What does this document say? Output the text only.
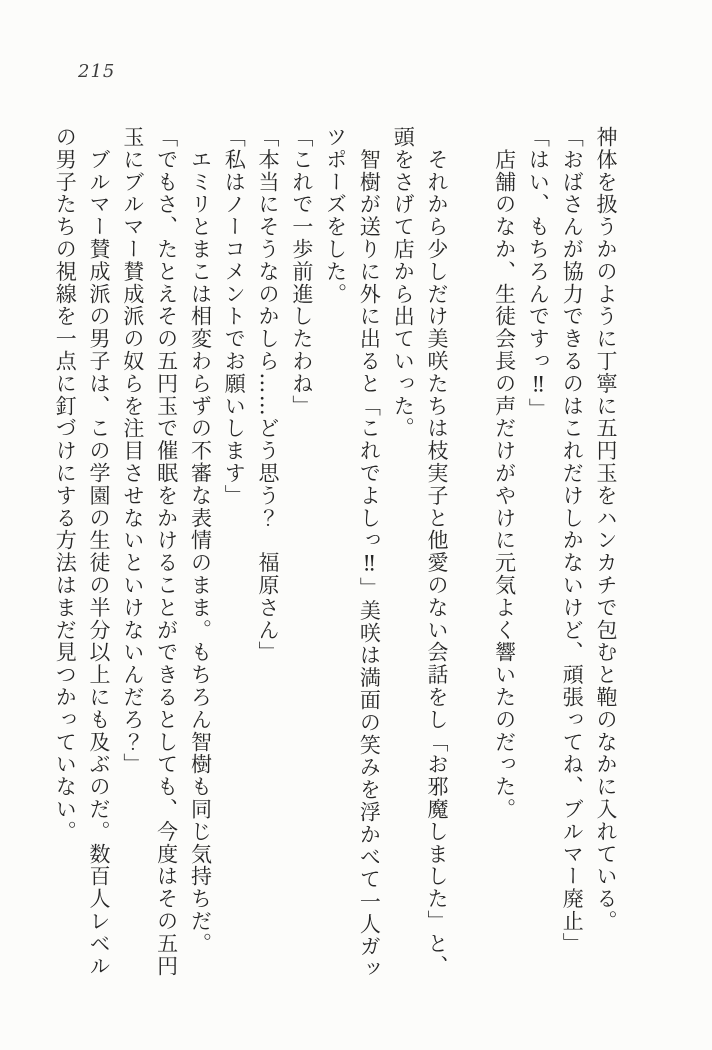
215
神体を扱うかのように丁寧に五円玉をハンカチで包むと鞄のなかに入れている。
「おばさんが協力できるのはこれだけしかないけど、頑張ってね、ブルマー廃止」
「はい、もちろんですっ‼」
　店舗のなか、生徒会長の声だけがやけに元気よく響いたのだった。
　それから少しだけ美咲たちは枝実子と他愛のない会話をし「お邪魔しました」と、
頭をさげて店から出ていった。
　智樹が送りに外に出ると「これでよしっ‼」美咲は満面の笑みを浮かべて一人ガッ
ツポーズをした。
「これで一歩前進したわね」
「本当にそうなのかしら……どう思う？　福原さん」
「私はノーコメントでお願いします」
　エミリとまこは相変わらずの不審な表情のまま。もちろん智樹も同じ気持ちだ。
「でもさ、たとえその五円玉で催眠をかけることができるとしても、今度はその五円
玉にブルマー賛成派の奴らを注目させないといけないんだろ？」
　ブルマー賛成派の男子は、この学園の生徒の半分以上にも及ぶのだ。数百人レベル
の男子たちの視線を一点に釘づけにする方法はまだ見つかっていない。
